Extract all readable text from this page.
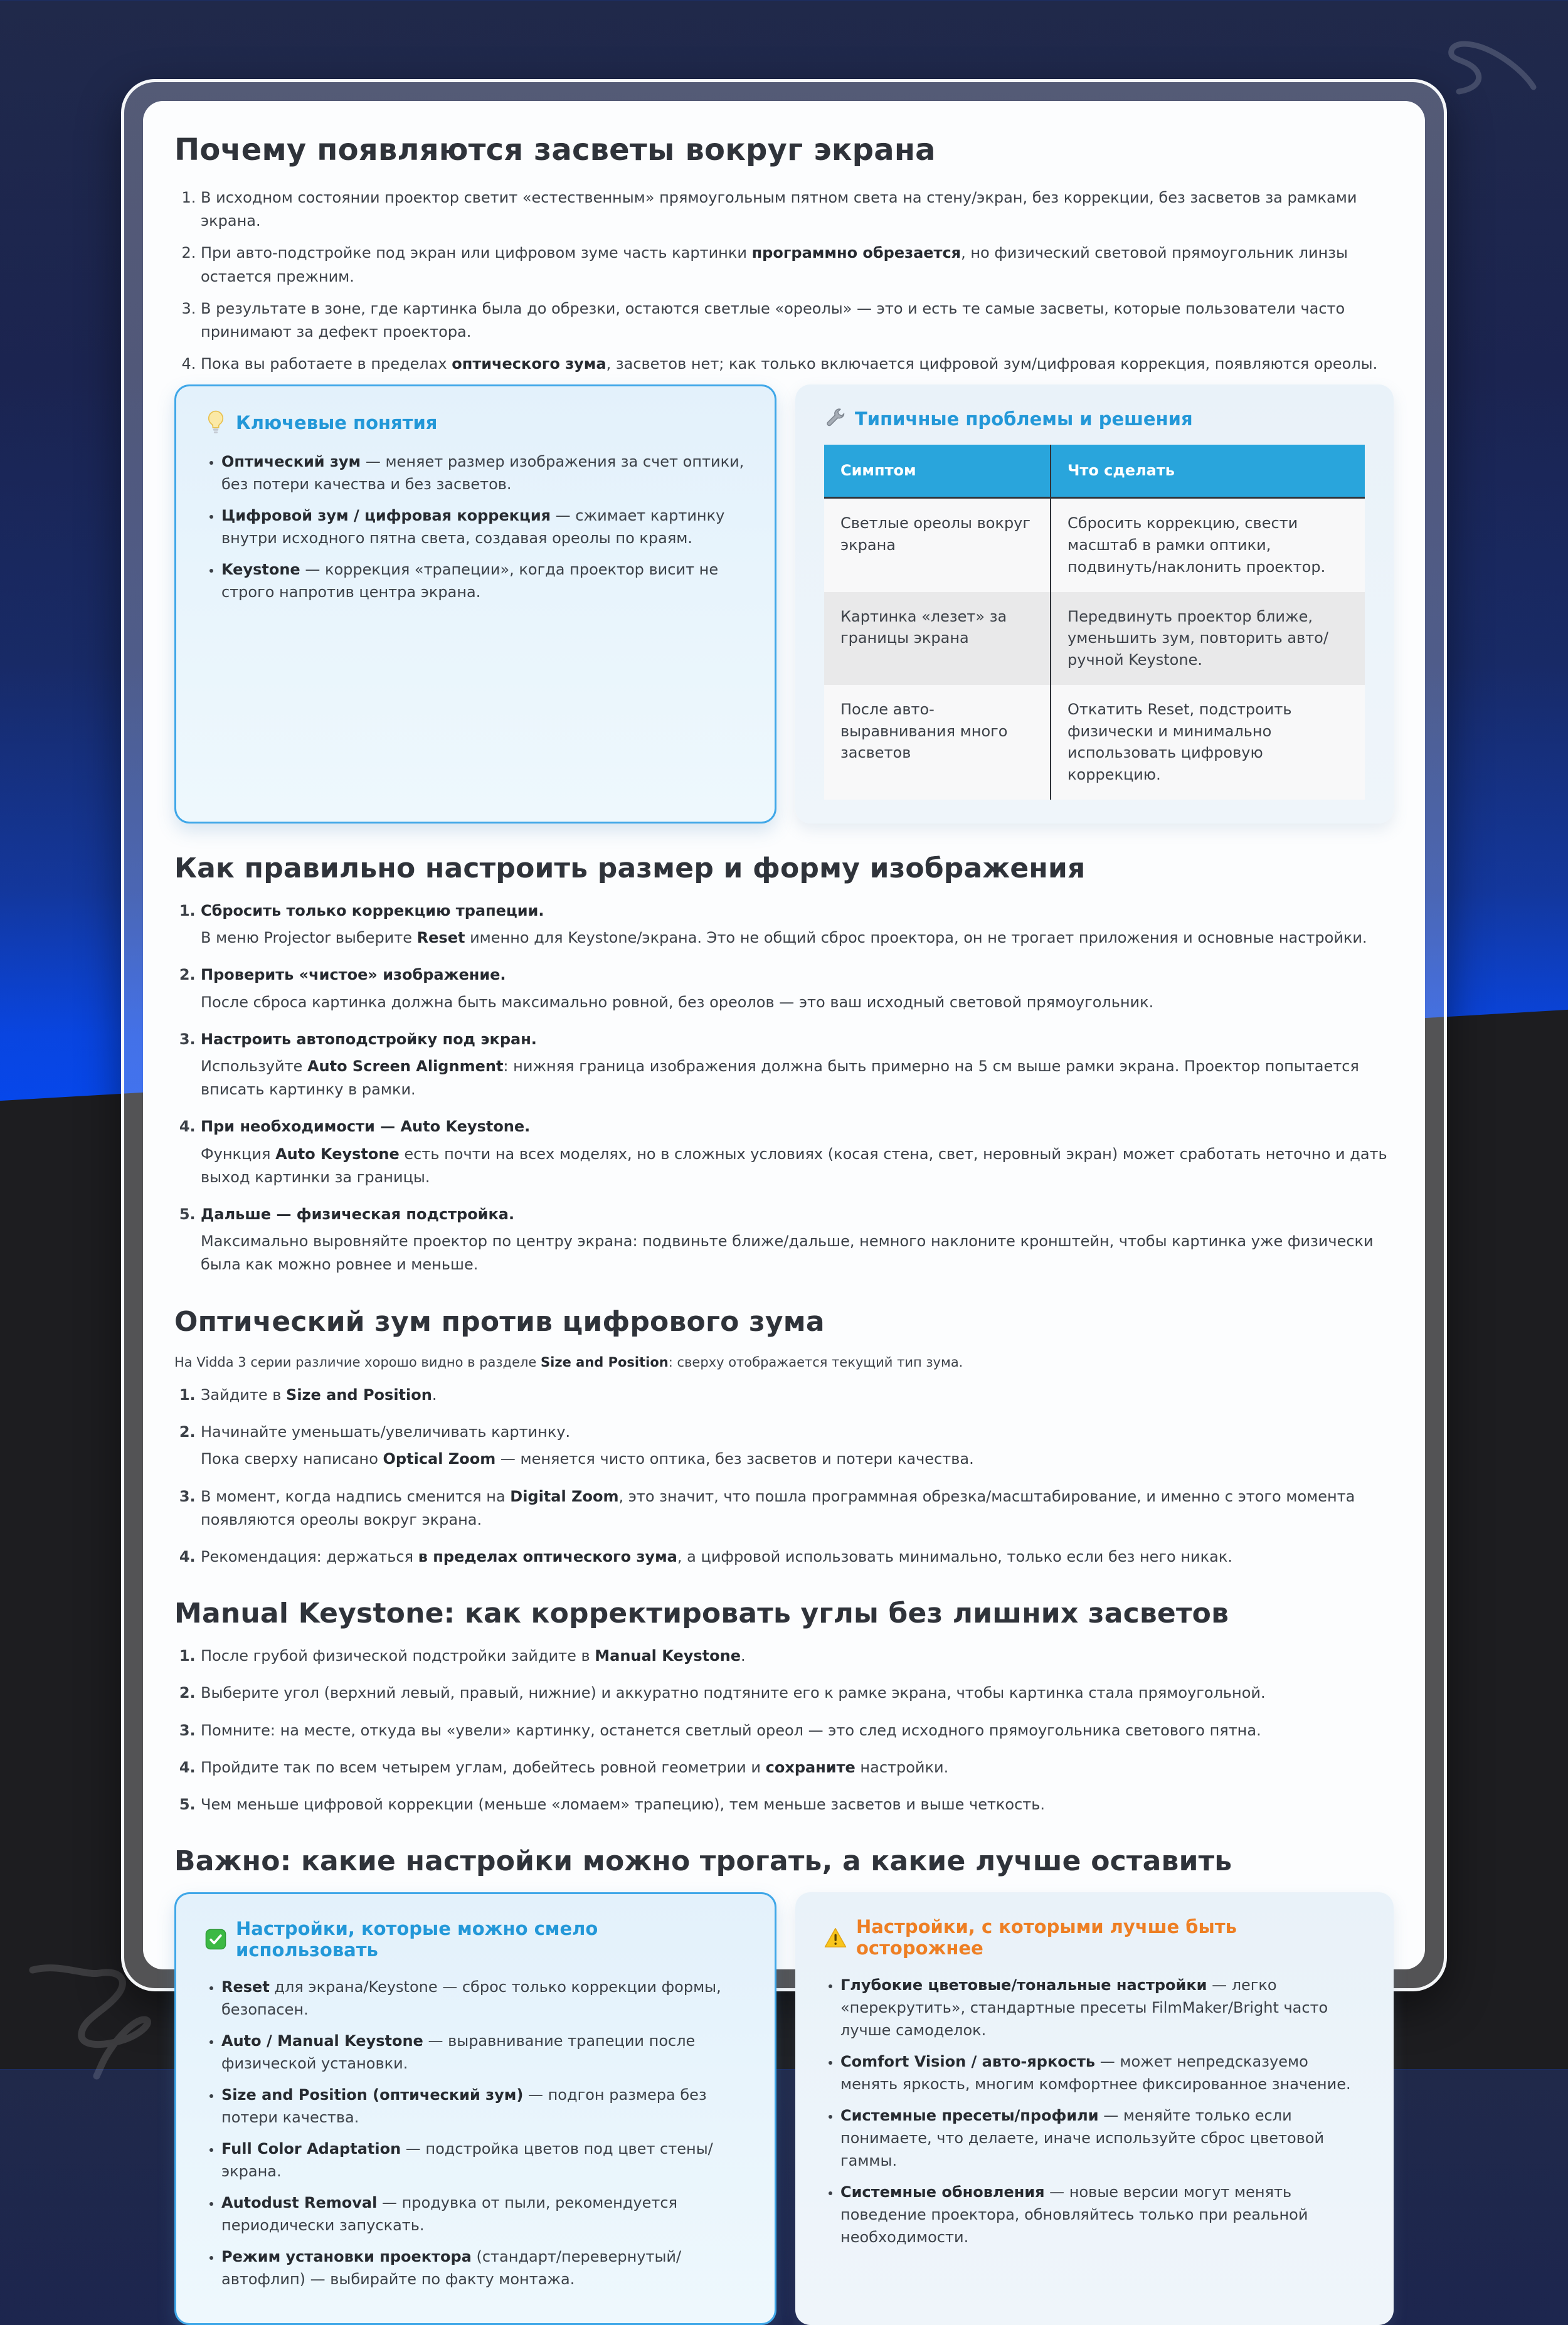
Почему появляются засветы вокруг экрана
1. В исходном состоянии проектор светит «естественным» прямоугольным пятном света на стену/экран, без коррекции, без засветов за рамками экрана.
2. При авто-подстройке под экран или цифровом зуме часть картинки программно обрезается, но физический световой прямоугольник линзы остается прежним.
3. В результате в зоне, где картинка была до обрезки, остаются светлые «ореолы» — это и есть те самые засветы, которые пользователи часто принимают за дефект проектора.
4. Пока вы работаете в пределах оптического зума, засветов нет; как только включается цифровой зум/цифровая коррекция, появляются ореолы.
Ключевые понятия
• Оптический зум — меняет размер изображения за счет оптики, без потери качества и без засветов.
• Цифровой зум / цифровая коррекция — сжимает картинку внутри исходного пятна света, создавая ореолы по краям.
• Keystone — коррекция «трапеции», когда проектор висит не строго напротив центра экрана.
Типичные проблемы и решения
Симптом	Что сделать
Светлые ореолы вокруг экрана	Сбросить коррекцию, свести масштаб в рамки оптики, подвинуть/наклонить проектор.
Картинка «лезет» за границы экрана	Передвинуть проектор ближе, уменьшить зум, повторить авто/ручной Keystone.
После авто-выравнивания много засветов	Откатить Reset, подстроить физически и минимально использовать цифровую коррекцию.
Как правильно настроить размер и форму изображения
1. Сбросить только коррекцию трапеции.
В меню Projector выберите Reset именно для Keystone/экрана. Это не общий сброс проектора, он не трогает приложения и основные настройки.
2. Проверить «чистое» изображение.
После сброса картинка должна быть максимально ровной, без ореолов — это ваш исходный световой прямоугольник.
3. Настроить автоподстройку под экран.
Используйте Auto Screen Alignment: нижняя граница изображения должна быть примерно на 5 см выше рамки экрана. Проектор попытается вписать картинку в рамки.
4. При необходимости — Auto Keystone.
Функция Auto Keystone есть почти на всех моделях, но в сложных условиях (косая стена, свет, неровный экран) может сработать неточно и дать выход картинки за границы.
5. Дальше — физическая подстройка.
Максимально выровняйте проектор по центру экрана: подвиньте ближе/дальше, немного наклоните кронштейн, чтобы картинка уже физически была как можно ровнее и меньше.
Оптический зум против цифрового зума

На Vidda 3 серии различие хорошо видно в разделе Size and Position: сверху отображается текущий тип зума.

1. Зайдите в Size and Position.
2. Начинайте уменьшать/увеличивать картинку.
Пока сверху написано Optical Zoom — меняется чисто оптика, без засветов и потери качества.
3. В момент, когда надпись сменится на Digital Zoom, это значит, что пошла программная обрезка/масштабирование, и именно с этого момента появляются ореолы вокруг экрана.
4. Рекомендация: держаться в пределах оптического зума, а цифровой использовать минимально, только если без него никак.
Manual Keystone: как корректировать углы без лишних засветов
1. После грубой физической подстройки зайдите в Manual Keystone.
2. Выберите угол (верхний левый, правый, нижние) и аккуратно подтяните его к рамке экрана, чтобы картинка стала прямоугольной.
3. Помните: на месте, откуда вы «увели» картинку, останется светлый ореол — это след исходного прямоугольника светового пятна.
4. Пройдите так по всем четырем углам, добейтесь ровной геометрии и сохраните настройки.
5. Чем меньше цифровой коррекции (меньше «ломаем» трапецию), тем меньше засветов и выше четкость.
Важно: какие настройки можно трогать, а какие лучше оставить
Настройки, которые можно смело использовать
• Reset для экрана/Keystone — сброс только коррекции формы, безопасен.
• Auto / Manual Keystone — выравнивание трапеции после физической установки.
• Size and Position (оптический зум) — подгон размера без потери качества.
• Full Color Adaptation — подстройка цветов под цвет стены/экрана.
• Autodust Removal — продувка от пыли, рекомендуется периодически запускать.
• Режим установки проектора (стандарт/перевернутый/автофлип) — выбирайте по факту монтажа.
Настройки, с которыми лучше быть осторожнее
• Глубокие цветовые/тональные настройки — легко «перекрутить», стандартные пресеты FilmMaker/Bright часто лучше самоделок.
• Comfort Vision / авто-яркость — может непредсказуемо менять яркость, многим комфортнее фиксированное значение.
• Системные пресеты/профили — меняйте только если понимаете, что делаете, иначе используйте сброс цветовой гаммы.
• Системные обновления — новые версии могут менять поведение проектора, обновляйтесь только при реальной необходимости.
